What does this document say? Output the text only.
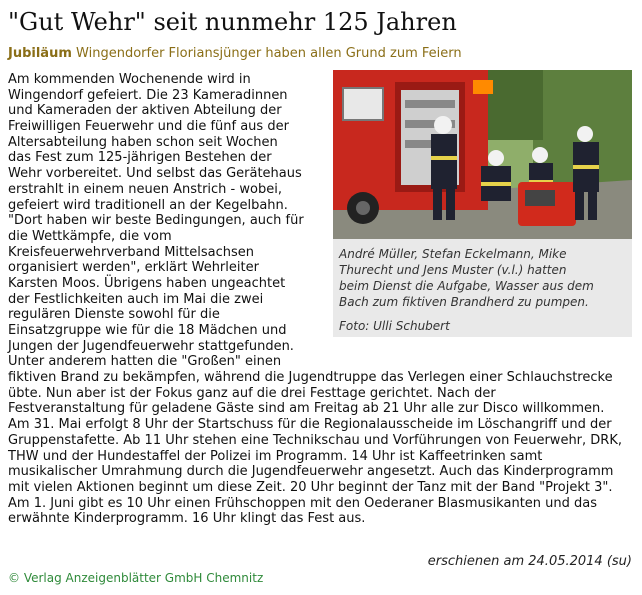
"Gut Wehr" seit nunmehr 125 Jahren
Jubiläum Wingendorfer Floriansjünger haben allen Grund zum Feiern
Am kommenden Wochenende wird in
Wingendorf gefeiert. Die 23 Kameradinnen
und Kameraden der aktiven Abteilung der
Freiwilligen Feuerwehr und die fünf aus der
Altersabteilung haben schon seit Wochen
das Fest zum 125-jährigen Bestehen der
Wehr vorbereitet. Und selbst das Gerätehaus
erstrahlt in einem neuen Anstrich - wobei,
gefeiert wird traditionell an der Kegelbahn.
"Dort haben wir beste Bedingungen, auch für
die Wettkämpfe, die vom
Kreisfeuerwehrverband Mittelsachsen
organisiert werden", erklärt Wehrleiter
Karsten Moos. Übrigens haben ungeachtet
der Festlichkeiten auch im Mai die zwei
regulären Dienste sowohl für die
Einsatzgruppe wie für die 18 Mädchen und
Jungen der Jugendfeuerwehr stattgefunden.
Unter anderem hatten die "Großen" einen
fiktiven Brand zu bekämpfen, während die Jugendtruppe das Verlegen einer Schlauchstrecke
übte. Nun aber ist der Fokus ganz auf die drei Festtage gerichtet. Nach der
Festveranstaltung für geladene Gäste sind am Freitag ab 21 Uhr alle zur Disco willkommen.
Am 31. Mai erfolgt 8 Uhr der Startschuss für die Regionalausscheide im Löschangriff und der
Gruppenstafette. Ab 11 Uhr stehen eine Technikschau und Vorführungen von Feuerwehr, DRK,
THW und der Hundestaffel der Polizei im Programm. 14 Uhr ist Kaffeetrinken samt
musikalischer Umrahmung durch die Jugendfeuerwehr angesetzt. Auch das Kinderprogramm
mit vielen Aktionen beginnt um diese Zeit. 20 Uhr beginnt der Tanz mit der Band "Projekt 3".
Am 1. Juni gibt es 10 Uhr einen Frühschoppen mit den Oederaner Blasmusikanten und das
erwähnte Kinderprogramm. 16 Uhr klingt das Fest aus.
André Müller, Stefan Eckelmann, Mike
Thurecht und Jens Muster (v.l.) hatten
beim Dienst die Aufgabe, Wasser aus dem
Bach zum fiktiven Brandherd zu pumpen.
Foto: Ulli Schubert
erschienen am 24.05.2014 (su)
© Verlag Anzeigenblätter GmbH Chemnitz
